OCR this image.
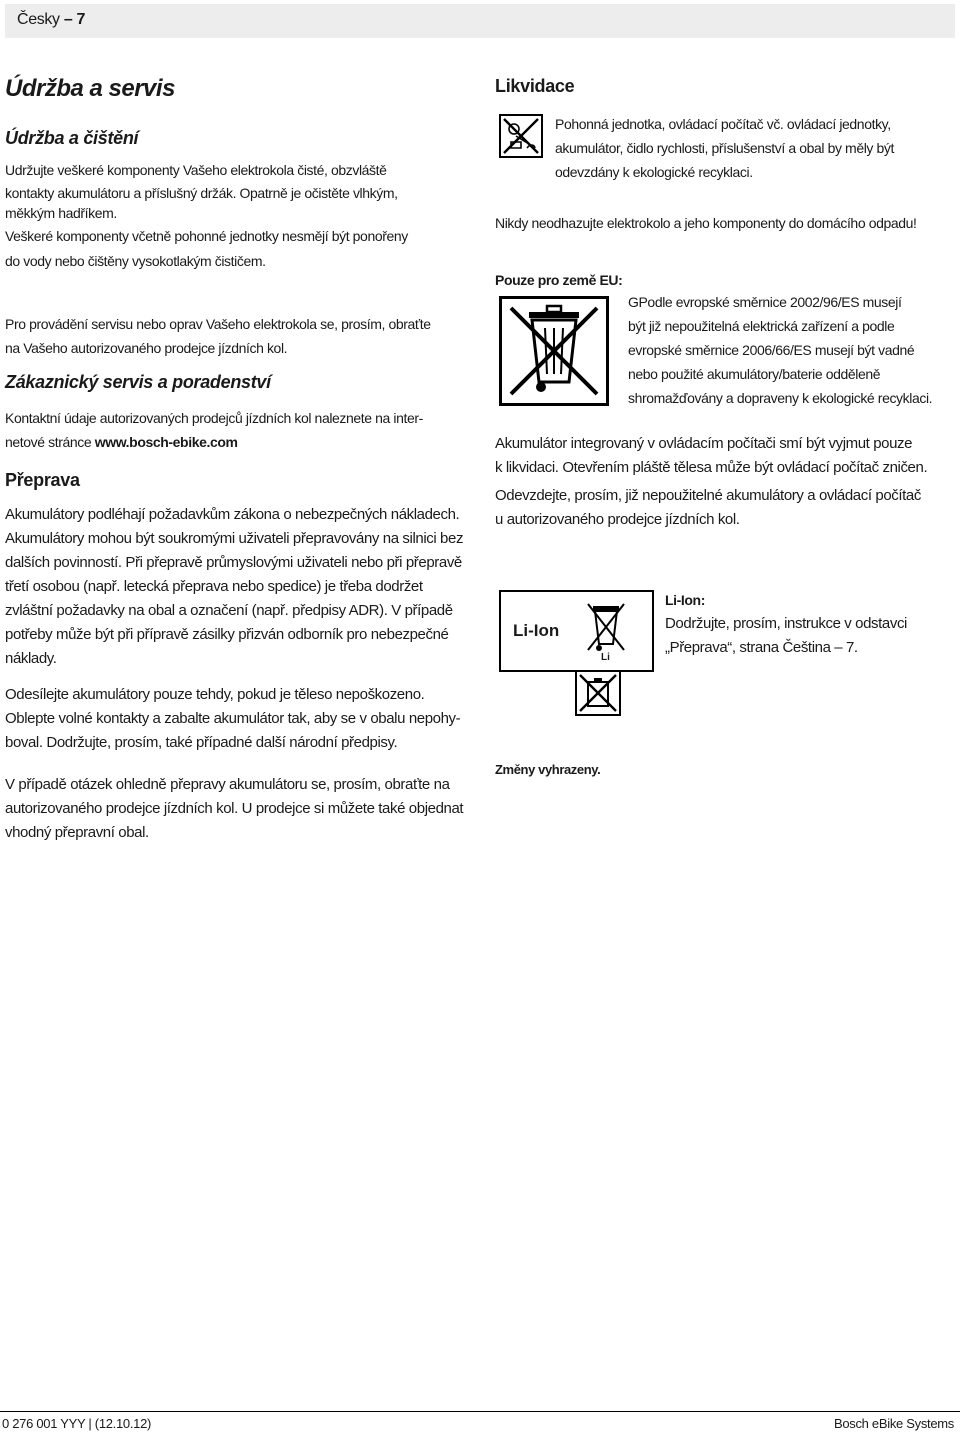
Česky – 7
Údržba a servis
Údržba a čištění

Udržujte veškeré komponenty Vašeho elektrokola čisté, obzvláště

kontakty akumulátoru a příslušný držák. Opatrně je očistěte vlhkým,

měkkým hadříkem.

Veškeré komponenty včetně pohonné jednotky nesmějí být ponořeny

do vody nebo čištěny vysokotlakým čističem.

Pro provádění servisu nebo oprav Vašeho elektrokola se, prosím, obraťte

na Vašeho autorizovaného prodejce jízdních kol.

Zákaznický servis a poradenství

Kontaktní údaje autorizovaných prodejců jízdních kol naleznete na inter-

netové stránce www.bosch-ebike.com

Přeprava

Akumulátory podléhají požadavkům zákona o nebezpečných nákladech.

Akumulátory mohou být soukromými uživateli přepravovány na silnici bez

dalších povinností. Při přepravě průmyslovými uživateli nebo při přepravě

třetí osobou (např. letecká přeprava nebo spedice) je třeba dodržet

zvláštní požadavky na obal a označení (např. předpisy ADR). V případě

potřeby může být při přípravě zásilky přizván odborník pro nebezpečné

náklady.

Odesílejte akumulátory pouze tehdy, pokud je těleso nepoškozeno.

Oblepte volné kontakty a zabalte akumulátor tak, aby se v obalu nepohy-

boval. Dodržujte, prosím, také případné další národní předpisy.

V případě otázek ohledně přepravy akumulátoru se, prosím, obraťte na

autorizovaného prodejce jízdních kol. U prodejce si můžete také objednat

vhodný přepravní obal.

Likvidace

Pohonná jednotka, ovládací počítač vč. ovládací jednotky,

akumulátor, čidlo rychlosti, příslušenství a obal by měly být

odevzdány k ekologické recyklaci.

Nikdy neodhazujte elektrokolo a jeho komponenty do domácího odpadu!

Pouze pro země EU:

GPodle evropské směrnice 2002/96/ES musejí

být již nepoužitelná elektrická zařízení a podle

evropské směrnice 2006/66/ES musejí být vadné

nebo použité akumulátory/baterie odděleně

shromažďovány a dopraveny k ekologické recyklaci.

Akumulátor integrovaný v ovládacím počítači smí být vyjmut pouze

k likvidaci. Otevřením pláště tělesa může být ovládací počítač zničen.

Odevzdejte, prosím, již nepoužitelné akumulátory a ovládací počítač

u autorizovaného prodejce jízdních kol.

Li-Ion
Li

Li-Ion:

Dodržujte, prosím, instrukce v odstavci

„Přeprava“, strana Čeština – 7.

Změny vyhrazeny.

0 276 001 YYY | (12.10.12)	Bosch eBike Systems
